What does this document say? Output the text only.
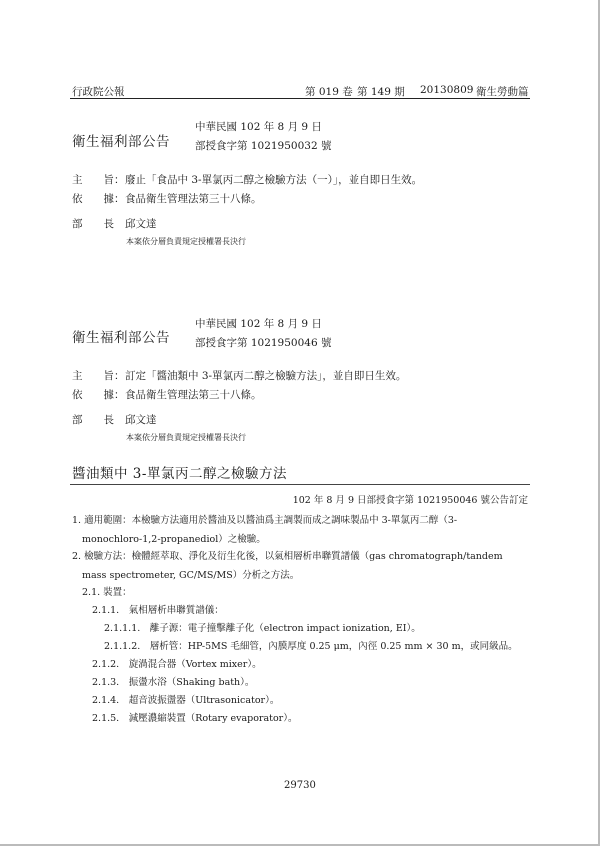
行政院公報	第 019 卷 第 149 期 20130809 衛生勞動篇
衛生福利部公告
中華民國 102 年 8 月 9 日
部授食字第 1021950032 號
主　　旨： 廢止「食品中 3-單氯丙二醇之檢驗方法（一）」，並自即日生效。
依　　據： 食品衛生管理法第三十八條。
部　　長 邱文達
本案依分層負責規定授權署長決行
衛生福利部公告
中華民國 102 年 8 月 9 日
部授食字第 1021950046 號
主　　旨： 訂定「醬油類中 3-單氯丙二醇之檢驗方法」，並自即日生效。
依　　據： 食品衛生管理法第三十八條。
部　　長 邱文達
本案依分層負責規定授權署長決行
醬油類中 3-單氯丙二醇之檢驗方法
102 年 8 月 9 日部授食字第 1021950046 號公告訂定
1. 適用範圍：本檢驗方法適用於醬油及以醬油爲主調製而成之調味製品中 3-單氯丙二醇（3-
monochloro-1,2-propanediol）之檢驗。
2. 檢驗方法：檢體經萃取、淨化及衍生化後，以氣相層析串聯質譜儀（gas chromatograph/tandem
mass spectrometer, GC/MS/MS）分析之方法。
2.1. 裝置：
2.1.1.　氣相層析串聯質譜儀：
2.1.1.1.　離子源：電子撞擊離子化（electron impact ionization, EI）。
2.1.1.2.　層析管：HP-5MS 毛細管，內膜厚度 0.25 μm，內徑 0.25 mm × 30 m，或同級品。
2.1.2.　旋渦混合器（Vortex mixer）。
2.1.3.　振盪水浴（Shaking bath）。
2.1.4.　超音波振盪器（Ultrasonicator）。
2.1.5.　減壓濃縮裝置（Rotary evaporator）。
29730
